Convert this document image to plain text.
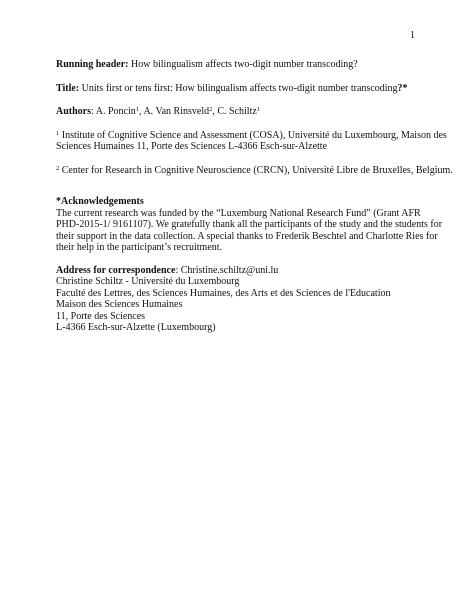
1

Running header: How bilingualism affects two-digit number transcoding?

Title: Units first or tens first: How bilingualism affects two-digit number transcoding?*

Authors: A. Poncin$^1$, A. Van Rinsveld$^2$, C. Schiltz$^1$

$^1$ Institute of Cognitive Science and Assessment (COSA), Université du Luxembourg, Maison des
Sciences Humaines 11, Porte des Sciences L-4366 Esch-sur-Alzette

$^2$ Center for Research in Cognitive Neuroscience (CRCN), Université Libre de Bruxelles, Belgium.

*Acknowledgements
The current research was funded by the “Luxemburg National Research Fund” (Grant AFR
PHD-2015-1/ 9161107). We gratefully thank all the participants of the study and the students for
their support in the data collection. A special thanks to Frederik Beschtel and Charlotte Ries for
their help in the participant’s recruitment.
Address for correspondence: Christine.schiltz@uni.lu
Christine Schiltz - Université du Luxembourg
Faculté des Lettres, des Sciences Humaines, des Arts et des Sciences de l'Education
Maison des Sciences Humaines
11, Porte des Sciences
L-4366 Esch-sur-Alzette (Luxembourg)
